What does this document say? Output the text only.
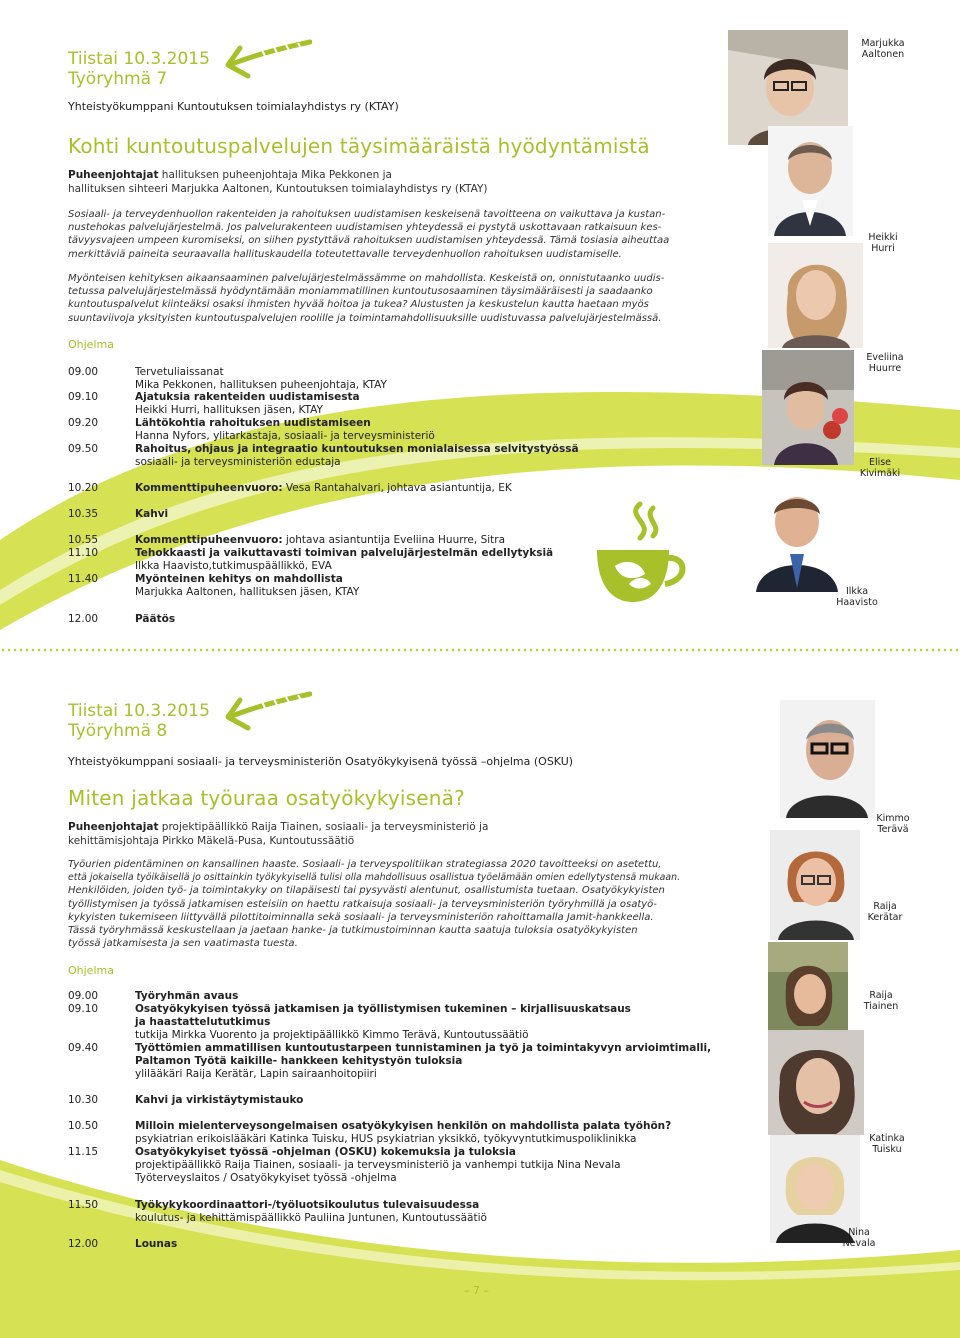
Tiistai 10.3.2015
Työryhmä 7
Yhteistyökumppani Kuntoutuksen toimialayhdistys ry (KTAY)
Kohti kuntoutuspalvelujen täysimääräistä hyödyntämistä
Puheenjohtajat hallituksen puheenjohtaja Mika Pekkonen ja
hallituksen sihteeri Marjukka Aaltonen, Kuntoutuksen toimialayhdistys ry (KTAY)
Sosiaali- ja terveydenhuollon rakenteiden ja rahoituksen uudistamisen keskeisenä tavoitteena on vaikuttava ja kustan-
nustehokas palvelujärjestelmä. Jos palvelurakenteen uudistamisen yhteydessä ei pystytä uskottavaan ratkaisuun kes-
tävyysvajeen umpeen kuromiseksi, on siihen pystyttävä rahoituksen uudistamisen yhteydessä. Tämä tosiasia aiheuttaa
merkittäviä paineita seuraavalla hallituskaudella toteutettavalle terveydenhuollon rahoituksen uudistamiselle.
Myönteisen kehityksen aikaansaaminen palvelujärjestelmässämme on mahdollista. Keskeistä on, onnistutaanko uudis-
tetussa palvelujärjestelmässä hyödyntämään moniammatillinen kuntoutusosaaminen täysimääräisesti ja saadaanko
kuntoutuspalvelut kiinteäksi osaksi ihmisten hyvää hoitoa ja tukea? Alustusten ja keskustelun kautta haetaan myös
suuntaviivoja yksityisten kuntoutuspalvelujen roolille ja toimintamahdollisuuksille uudistuvassa palvelujärjestelmässä.
Ohjelma
09.00	Tervetuliaissanat
Mika Pekkonen, hallituksen puheenjohtaja, KTAY
09.10	Ajatuksia rakenteiden uudistamisesta
Heikki Hurri, hallituksen jäsen, KTAY
09.20	Lähtökohtia rahoituksen uudistamiseen
Hanna Nyfors, ylitarkastaja, sosiaali- ja terveysministeriö
09.50	Rahoitus, ohjaus ja integraatio kuntoutuksen monialaisessa selvitystyössä
sosiaali- ja terveysministeriön edustaja
10.20	Kommenttipuheenvuoro: Vesa Rantahalvari, johtava asiantuntija, EK
10.35	Kahvi
10.55	Kommenttipuheenvuoro: johtava asiantuntija Eveliina Huurre, Sitra
11.10	Tehokkaasti ja vaikuttavasti toimivan palvelujärjestelmän edellytyksiä
Ilkka Haavisto,tutkimuspäällikkö, EVA
11.40	Myönteinen kehitys on mahdollista
Marjukka Aaltonen, hallituksen jäsen, KTAY
12.00	Päätös
Marjukka
Aaltonen
Heikki
Hurri
Eveliina
Huurre
Elise
Kivimäki
Ilkka
Haavisto
Tiistai 10.3.2015
Työryhmä 8
Yhteistyökumppani sosiaali- ja terveysministeriön Osatyökykyisenä työssä –ohjelma (OSKU)
Miten jatkaa työuraa osatyökykyisenä?
Puheenjohtajat projektipäällikkö Raija Tiainen, sosiaali- ja terveysministeriö ja
kehittämisjohtaja Pirkko Mäkelä-Pusa, Kuntoutussäätiö
Työurien pidentäminen on kansallinen haaste. Sosiaali- ja terveyspolitiikan strategiassa 2020 tavoitteeksi on asetettu,
että jokaisella työikäisellä jo osittainkin työkykyisellä tulisi olla mahdollisuus osallistua työelämään omien edellytystensä mukaan.
Henkilöiden, joiden työ- ja toimintakyky on tilapäisesti tai pysyvästi alentunut, osallistumista tuetaan. Osatyökykyisten
työllistymisen ja työssä jatkamisen esteisiin on haettu ratkaisuja sosiaali- ja terveysministeriön työryhmillä ja osatyö-
kykyisten tukemiseen liittyvällä pilottitoiminnalla sekä sosiaali- ja terveysministeriön rahoittamalla Jamit-hankkeella.
Tässä työryhmässä keskustellaan ja jaetaan hanke- ja tutkimustoiminnan kautta saatuja tuloksia osatyökykyisten
työssä jatkamisesta ja sen vaatimasta tuesta.
Ohjelma
09.00	Työryhmän avaus
09.10	Osatyökykyisen työssä jatkamisen ja työllistymisen tukeminen – kirjallisuuskatsaus
ja haastattelututkimus
tutkija Mirkka Vuorento ja projektipäällikkö Kimmo Terävä, Kuntoutussäätiö
09.40	Työttömien ammatillisen kuntoutustarpeen tunnistaminen ja työ ja toimintakyvyn arvioimtimalli,
Paltamon Työtä kaikille- hankkeen kehitystyön tuloksia
ylilääkäri Raija Kerätär, Lapin sairaanhoitopiiri
10.30	Kahvi ja virkistäytymistauko
10.50	Milloin mielenterveysongelmaisen osatyökykyisen henkilön on mahdollista palata työhön?
psykiatrian erikoislääkäri Katinka Tuisku, HUS psykiatrian yksikkö, työkyvyntutkimuspoliklinikka
11.15	Osatyökykyiset työssä -ohjelman (OSKU) kokemuksia ja tuloksia
projektipäällikkö Raija Tiainen, sosiaali- ja terveysministeriö ja vanhempi tutkija Nina Nevala
Työterveyslaitos / Osatyökykyiset työssä -ohjelma
11.50	Työkykykoordinaattori-/työluotsikoulutus tulevaisuudessa
koulutus- ja kehittämispäällikkö Pauliina Juntunen, Kuntoutussäätiö
12.00	Lounas
Kimmo
Terävä
Raija
Kerätar
Raija
Tiainen
Katinka
Tuisku
Nina
Nevala
– 7 –
